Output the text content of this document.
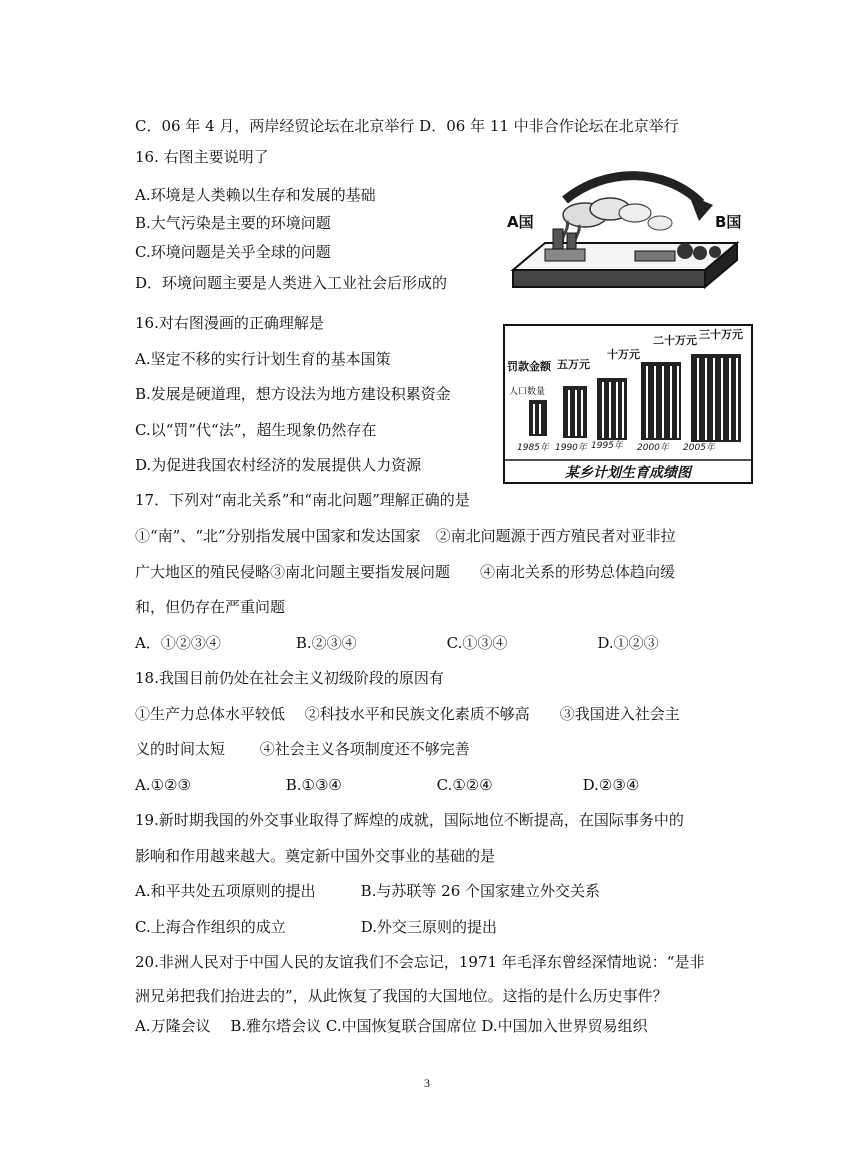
C．06 年 4 月，两岸经贸论坛在北京举行 D．06 年 11 中非合作论坛在北京举行
16. 右图主要说明了
A.环境是人类赖以生存和发展的基础
B.大气污染是主要的环境问题
C.环境问题是关乎全球的问题
D．环境问题主要是人类进入工业社会后形成的
16.对右图漫画的正确理解是
A.坚定不移的实行计划生育的基本国策
B.发展是硬道理，想方设法为地方建设积累资金
C.以“罚”代“法”，超生现象仍然存在
D.为促进我国农村经济的发展提供人力资源
17．下列对“南北关系”和“南北问题”理解正确的是
①“南”、“北”分别指发展中国家和发达国家　②南北问题源于西方殖民者对亚非拉
广大地区的殖民侵略③南北问题主要指发展问题　　④南北关系的形势总体趋向缓
和，但仍存在严重问题
A．①②③④　　　　　B.②③④　　　　　　C.①③④　　　　　　D.①②③
18.我国目前仍处在社会主义初级阶段的原因有
①生产力总体水平较低　 ②科技水平和民族文化素质不够高　　③我国进入社会主
义的时间太短　　 ④社会主义各项制度还不够完善
A.①②③　　　　　　 B.①③④　　　　　　 C.①②④　　　　　　D.②③④
19.新时期我国的外交事业取得了辉煌的成就，国际地位不断提高，在国际事务中的
影响和作用越来越大。奠定新中国外交事业的基础的是
A.和平共处五项原则的提出　　　B.与苏联等 26 个国家建立外交关系
C.上海合作组织的成立　　　　　D.外交三原则的提出
20.非洲人民对于中国人民的友谊我们不会忘记，1971 年毛泽东曾经深情地说：“是非
洲兄弟把我们抬进去的”，从此恢复了我国的大国地位。这指的是什么历史事件？
A.万隆会议　 B.雅尔塔会议 C.中国恢复联合国席位 D.中国加入世界贸易组织
A国	B国
罚款金额
人口数量
五万元
十万元
二十万元 三十万元
1985年 1990年 1995年 2000年 2005年
某乡计划生育成绩图
3
